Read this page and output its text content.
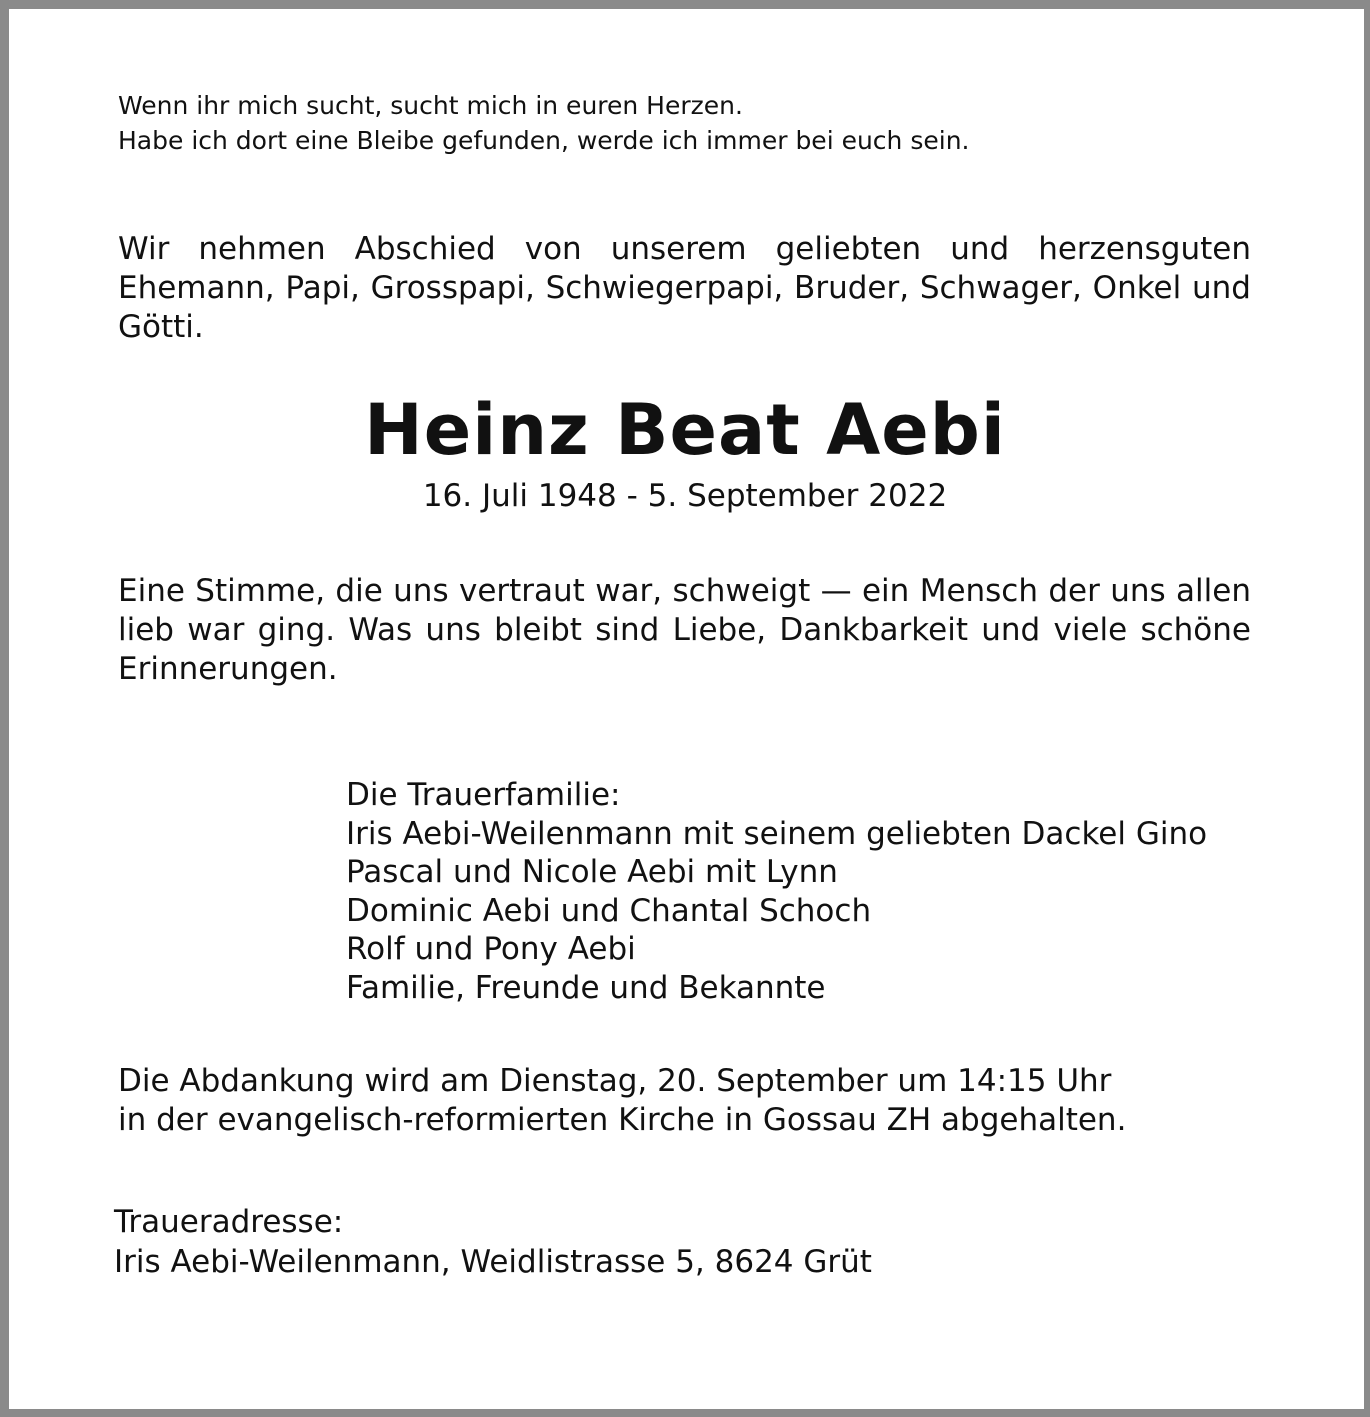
Wenn ihr mich sucht, sucht mich in euren Herzen.
Habe ich dort eine Bleibe gefunden, werde ich immer bei euch sein.

Wir nehmen Abschied von unserem geliebten und herzensguten Ehemann, Papi, Grosspapi, Schwiegerpapi, Bruder, Schwager, Onkel und Götti.

Heinz Beat Aebi
16. Juli 1948 - 5. September 2022

Eine Stimme, die uns vertraut war, schweigt — ein Mensch der uns allen lieb war ging. Was uns bleibt sind Liebe, Dankbarkeit und viele schöne Erinnerungen.

Die Trauerfamilie:
Iris Aebi-Weilenmann mit seinem geliebten Dackel Gino
Pascal und Nicole Aebi mit Lynn
Dominic Aebi und Chantal Schoch
Rolf und Pony Aebi
Familie, Freunde und Bekannte
Die Abdankung wird am Dienstag, 20. September um 14:15 Uhr
in der evangelisch-reformierten Kirche in Gossau ZH abgehalten.
Traueradresse:
Iris Aebi-Weilenmann, Weidlistrasse 5, 8624 Grüt
